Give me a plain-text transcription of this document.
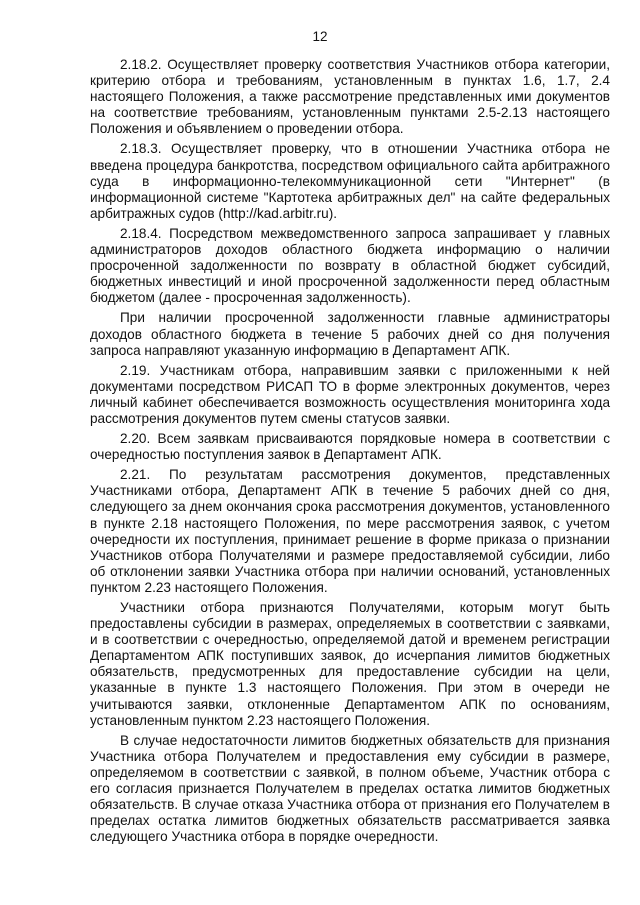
12

2.18.2. Осуществляет проверку соответствия Участников отбора категории, критерию отбора и требованиям, установленным в пунктах 1.6, 1.7, 2.4 настоящего Положения, а также рассмотрение представленных ими документов на соответствие требованиям, установленным пунктами 2.5-2.13 настоящего Положения и объявлением о проведении отбора.

2.18.3. Осуществляет проверку, что в отношении Участника отбора не введена процедура банкротства, посредством официального сайта арбитражного суда в информационно-телекоммуникационной сети "Интернет" (в информационной системе "Картотека арбитражных дел" на сайте федеральных арбитражных судов (http://kad.arbitr.ru).

2.18.4. Посредством межведомственного запроса запрашивает у главных администраторов доходов областного бюджета информацию о наличии просроченной задолженности по возврату в областной бюджет субсидий, бюджетных инвестиций и иной просроченной задолженности перед областным бюджетом (далее - просроченная задолженность).

При наличии просроченной задолженности главные администраторы доходов областного бюджета в течение 5 рабочих дней со дня получения запроса направляют указанную информацию в Департамент АПК.

2.19. Участникам отбора, направившим заявки с приложенными к ней документами посредством РИСАП ТО в форме электронных документов, через личный кабинет обеспечивается возможность осуществления мониторинга хода рассмотрения документов путем смены статусов заявки.

2.20. Всем заявкам присваиваются порядковые номера в соответствии с очередностью поступления заявок в Департамент АПК.

2.21. По результатам рассмотрения документов, представленных Участниками отбора, Департамент АПК в течение 5 рабочих дней со дня, следующего за днем окончания срока рассмотрения документов, установленного в пункте 2.18 настоящего Положения, по мере рассмотрения заявок, с учетом очередности их поступления, принимает решение в форме приказа о признании Участников отбора Получателями и размере предоставляемой субсидии, либо об отклонении заявки Участника отбора при наличии оснований, установленных пунктом 2.23 настоящего Положения.

Участники отбора признаются Получателями, которым могут быть предоставлены субсидии в размерах, определяемых в соответствии с заявками, и в соответствии с очередностью, определяемой датой и временем регистрации Департаментом АПК поступивших заявок, до исчерпания лимитов бюджетных обязательств, предусмотренных для предоставление субсидии на цели, указанные в пункте 1.3 настоящего Положения. При этом в очереди не учитываются заявки, отклоненные Департаментом АПК по основаниям, установленным пунктом 2.23 настоящего Положения.

В случае недостаточности лимитов бюджетных обязательств для признания Участника отбора Получателем и предоставления ему субсидии в размере, определяемом в соответствии с заявкой, в полном объеме, Участник отбора с его согласия признается Получателем в пределах остатка лимитов бюджетных обязательств. В случае отказа Участника отбора от признания его Получателем в пределах остатка лимитов бюджетных обязательств рассматривается заявка следующего Участника отбора в порядке очередности.
